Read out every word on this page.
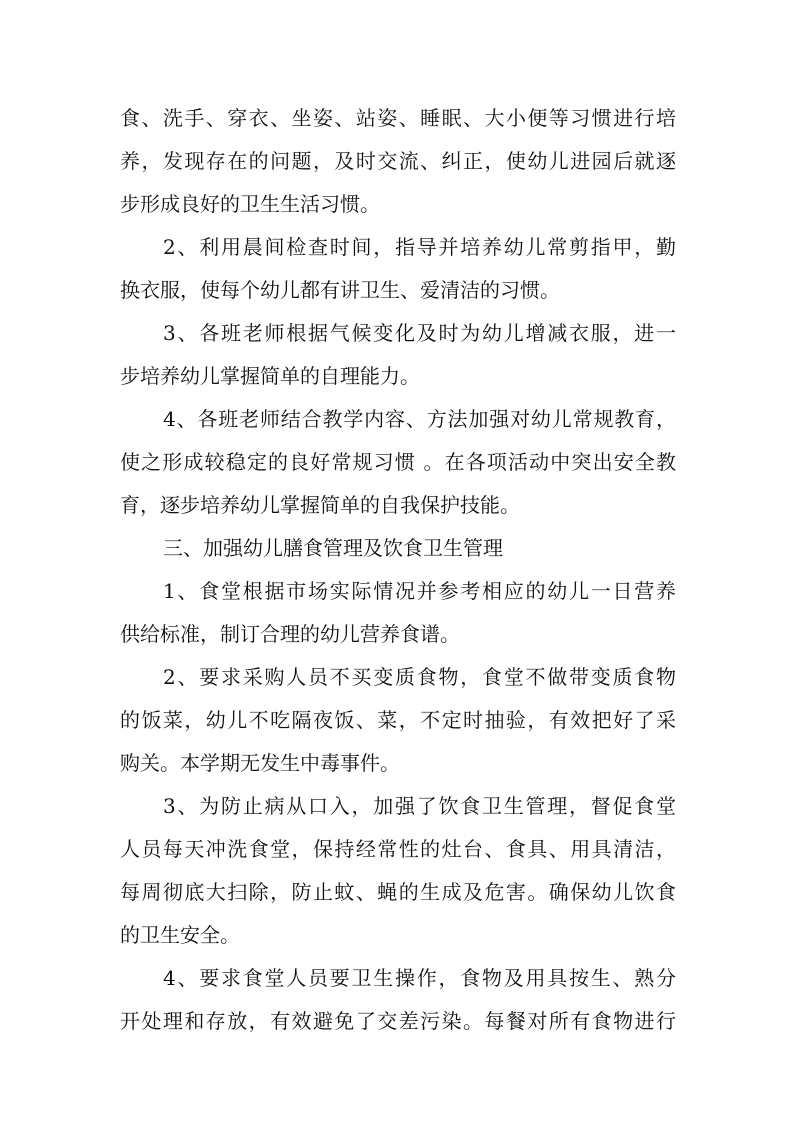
食、洗手、穿衣、坐姿、站姿、睡眠、大小便等习惯进行培
养，发现存在的问题，及时交流、纠正，使幼儿进园后就逐
步形成良好的卫生生活习惯。
2、利用晨间检查时间，指导并培养幼儿常剪指甲，勤
换衣服，使每个幼儿都有讲卫生、爱清洁的习惯。
3、各班老师根据气候变化及时为幼儿增减衣服，进一
步培养幼儿掌握简单的自理能力。
4、各班老师结合教学内容、方法加强对幼儿常规教育，
使之形成较稳定的良好常规习惯 。在各项活动中突出安全教
育，逐步培养幼儿掌握简单的自我保护技能。
三、加强幼儿膳食管理及饮食卫生管理
1、食堂根据市场实际情况并参考相应的幼儿一日营养
供给标准，制订合理的幼儿营养食谱。
2、要求采购人员不买变质食物，食堂不做带变质食物
的饭菜，幼儿不吃隔夜饭、菜，不定时抽验，有效把好了采
购关。本学期无发生中毒事件。
3、为防止病从口入，加强了饮食卫生管理，督促食堂
人员每天冲洗食堂，保持经常性的灶台、食具、用具清洁，
每周彻底大扫除，防止蚊、蝇的生成及危害。确保幼儿饮食
的卫生安全。
4、要求食堂人员要卫生操作，食物及用具按生、熟分
开处理和存放，有效避免了交差污染。每餐对所有食物进行
